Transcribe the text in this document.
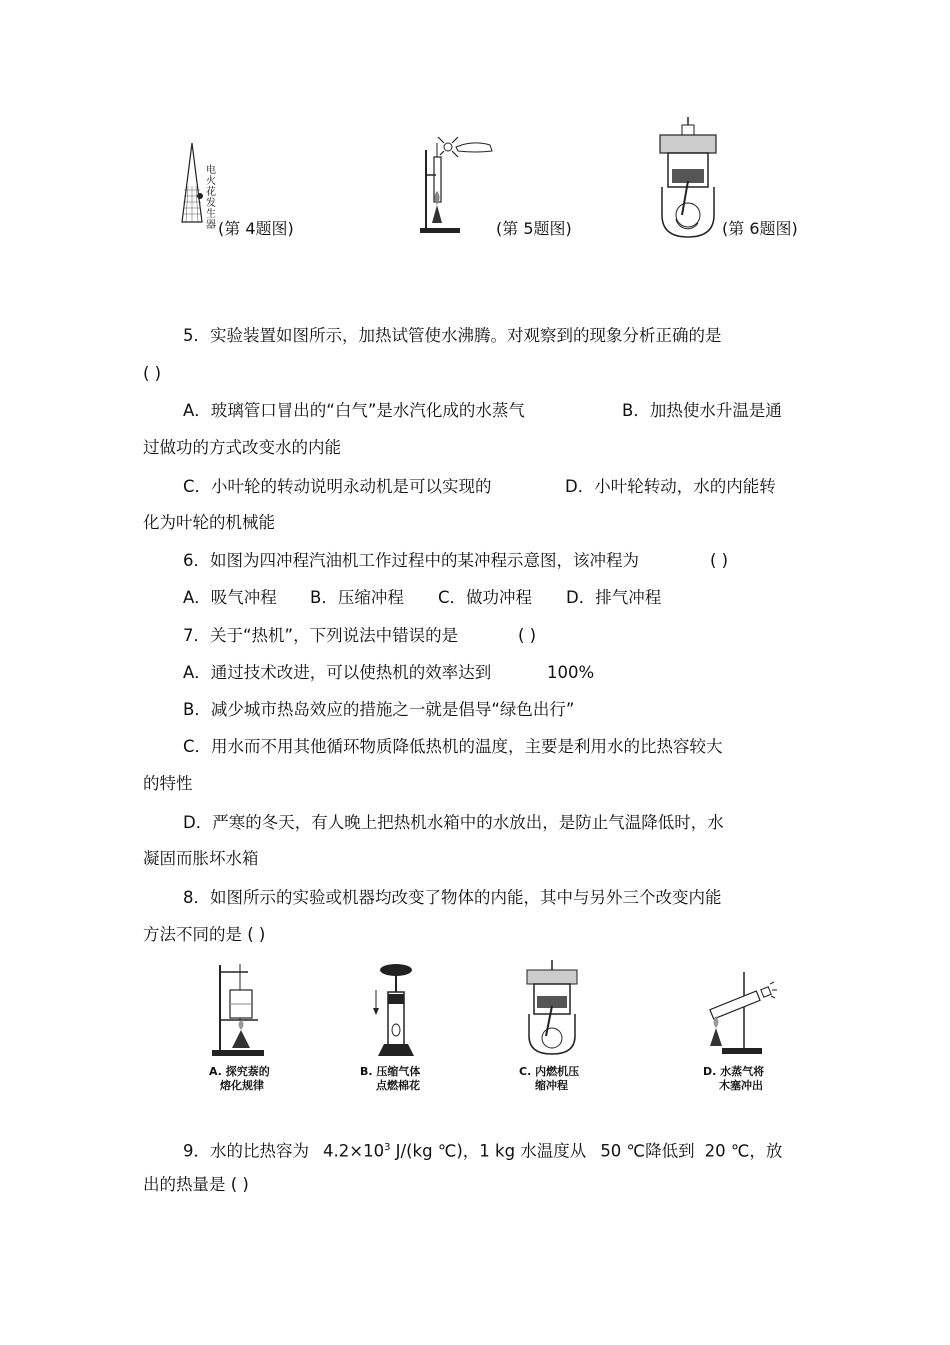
电火花发生器 (第 4题图)	(第 5题图)	(第 6题图)
5．实验装置如图所示，加热试管使水沸腾。对观察到的现象分析正确的是
( )
A．玻璃管口冒出的“白气”是水汽化成的水蒸气	B．加热使水升温是通
过做功的方式改变水的内能
C．小叶轮的转动说明永动机是可以实现的	D．小叶轮转动，水的内能转
化为叶轮的机械能
6．如图为四冲程汽油机工作过程中的某冲程示意图，该冲程为	( )
A．吸气冲程 B．压缩冲程 C．做功冲程 D．排气冲程
7．关于“热机”，下列说法中错误的是	( )
A．通过技术改进，可以使热机的效率达到	100%
B．减少城市热岛效应的措施之一就是倡导“绿色出行”
C．用水而不用其他循环物质降低热机的温度，主要是利用水的比热容较大
的特性
D．严寒的冬天，有人晚上把热机水箱中的水放出，是防止气温降低时，水
凝固而胀坏水箱
8．如图所示的实验或机器均改变了物体的内能，其中与另外三个改变内能
方法不同的是 ( )
A. 探究萘的
熔化规律
B. 压缩气体
点燃棉花
C. 内燃机压
缩冲程
D. 水蒸气将
木塞冲出
9．水的比热容为 $4.2\times 10^3$ J/(kg ℃)，1 kg 水温度从 50 ℃降低到 20 ℃，放
出的热量是 ( )
